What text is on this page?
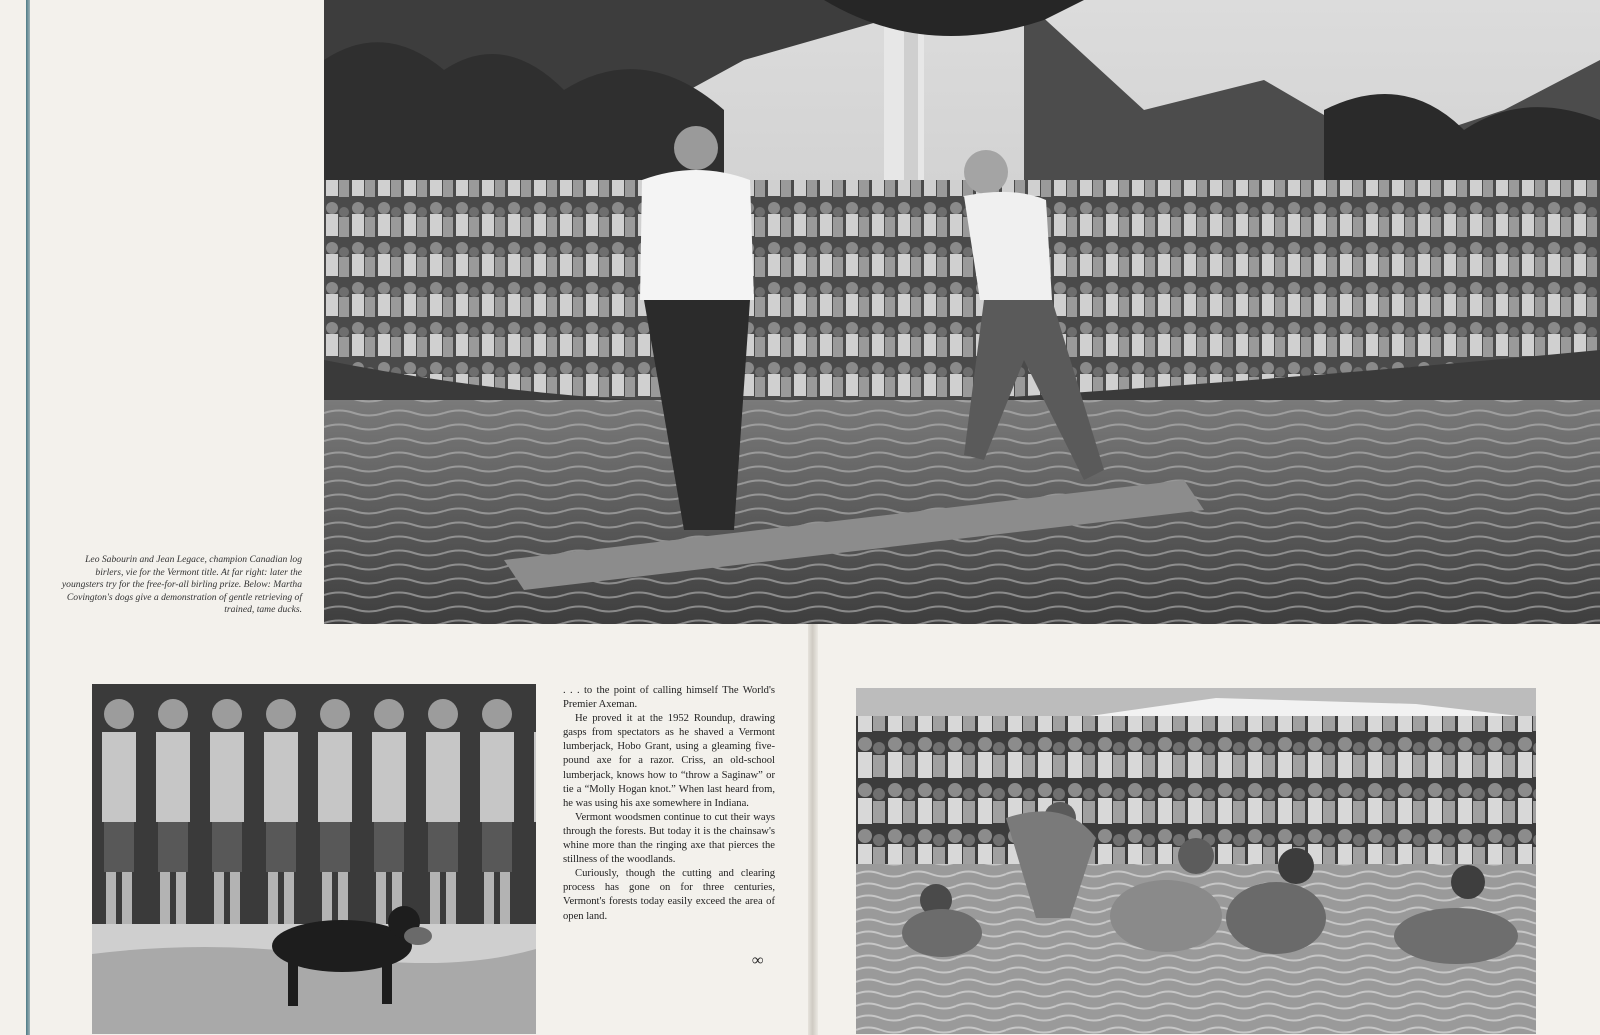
Leo Sabourin and Jean Legace, champion Canadian log birlers, vie for the Vermont title. At far right: later the youngsters try for the free-for-all birling prize. Below: Martha Covington's dogs give a demonstration of gentle retrieving of trained, tame ducks.

. . . to the point of calling himself The World's Premier Axeman.

He proved it at the 1952 Roundup, drawing gasps from spectators as he shaved a Vermont lumberjack, Hobo Grant, using a gleaming five-pound axe for a razor. Criss, an old-school lumberjack, knows how to “throw a Saginaw” or tie a “Molly Hogan knot.” When last heard from, he was using his axe somewhere in Indiana.

Vermont woodsmen continue to cut their ways through the forests. But today it is the chainsaw's whine more than the ringing axe that pierces the stillness of the woodlands.

Curiously, though the cutting and clearing process has gone on for three centuries, Vermont's forests today easily exceed the area of open land.

∞
